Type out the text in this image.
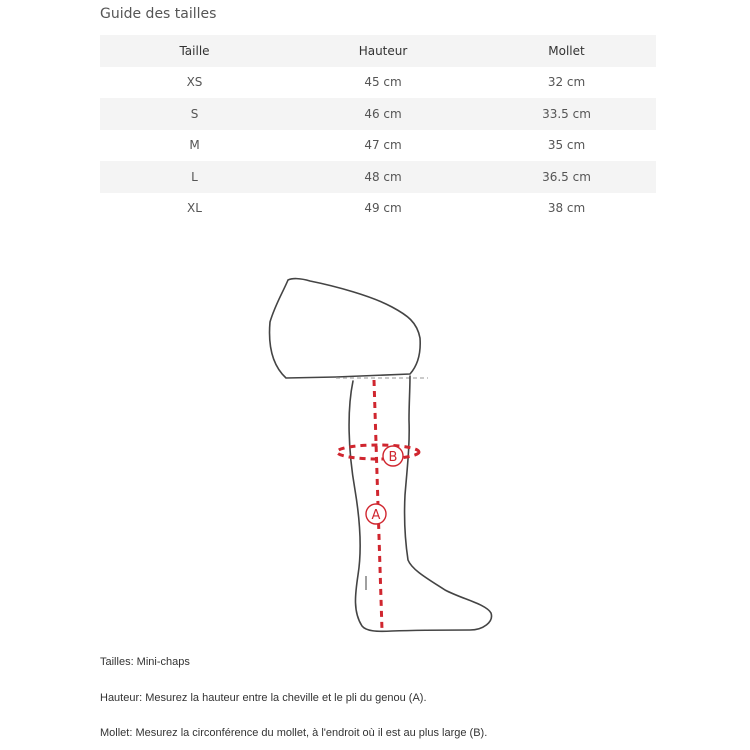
Guide des tailles
Taille	Hauteur	Mollet
XS	45 cm	32 cm
S	46 cm	33.5 cm
M	47 cm	35 cm
L	48 cm	36.5 cm
XL	49 cm	38 cm
B
A
Tailles: Mini-chaps
Hauteur: Mesurez la hauteur entre la cheville et le pli du genou (A).
Mollet: Mesurez la circonférence du mollet, à l'endroit où il est au plus large (B).
